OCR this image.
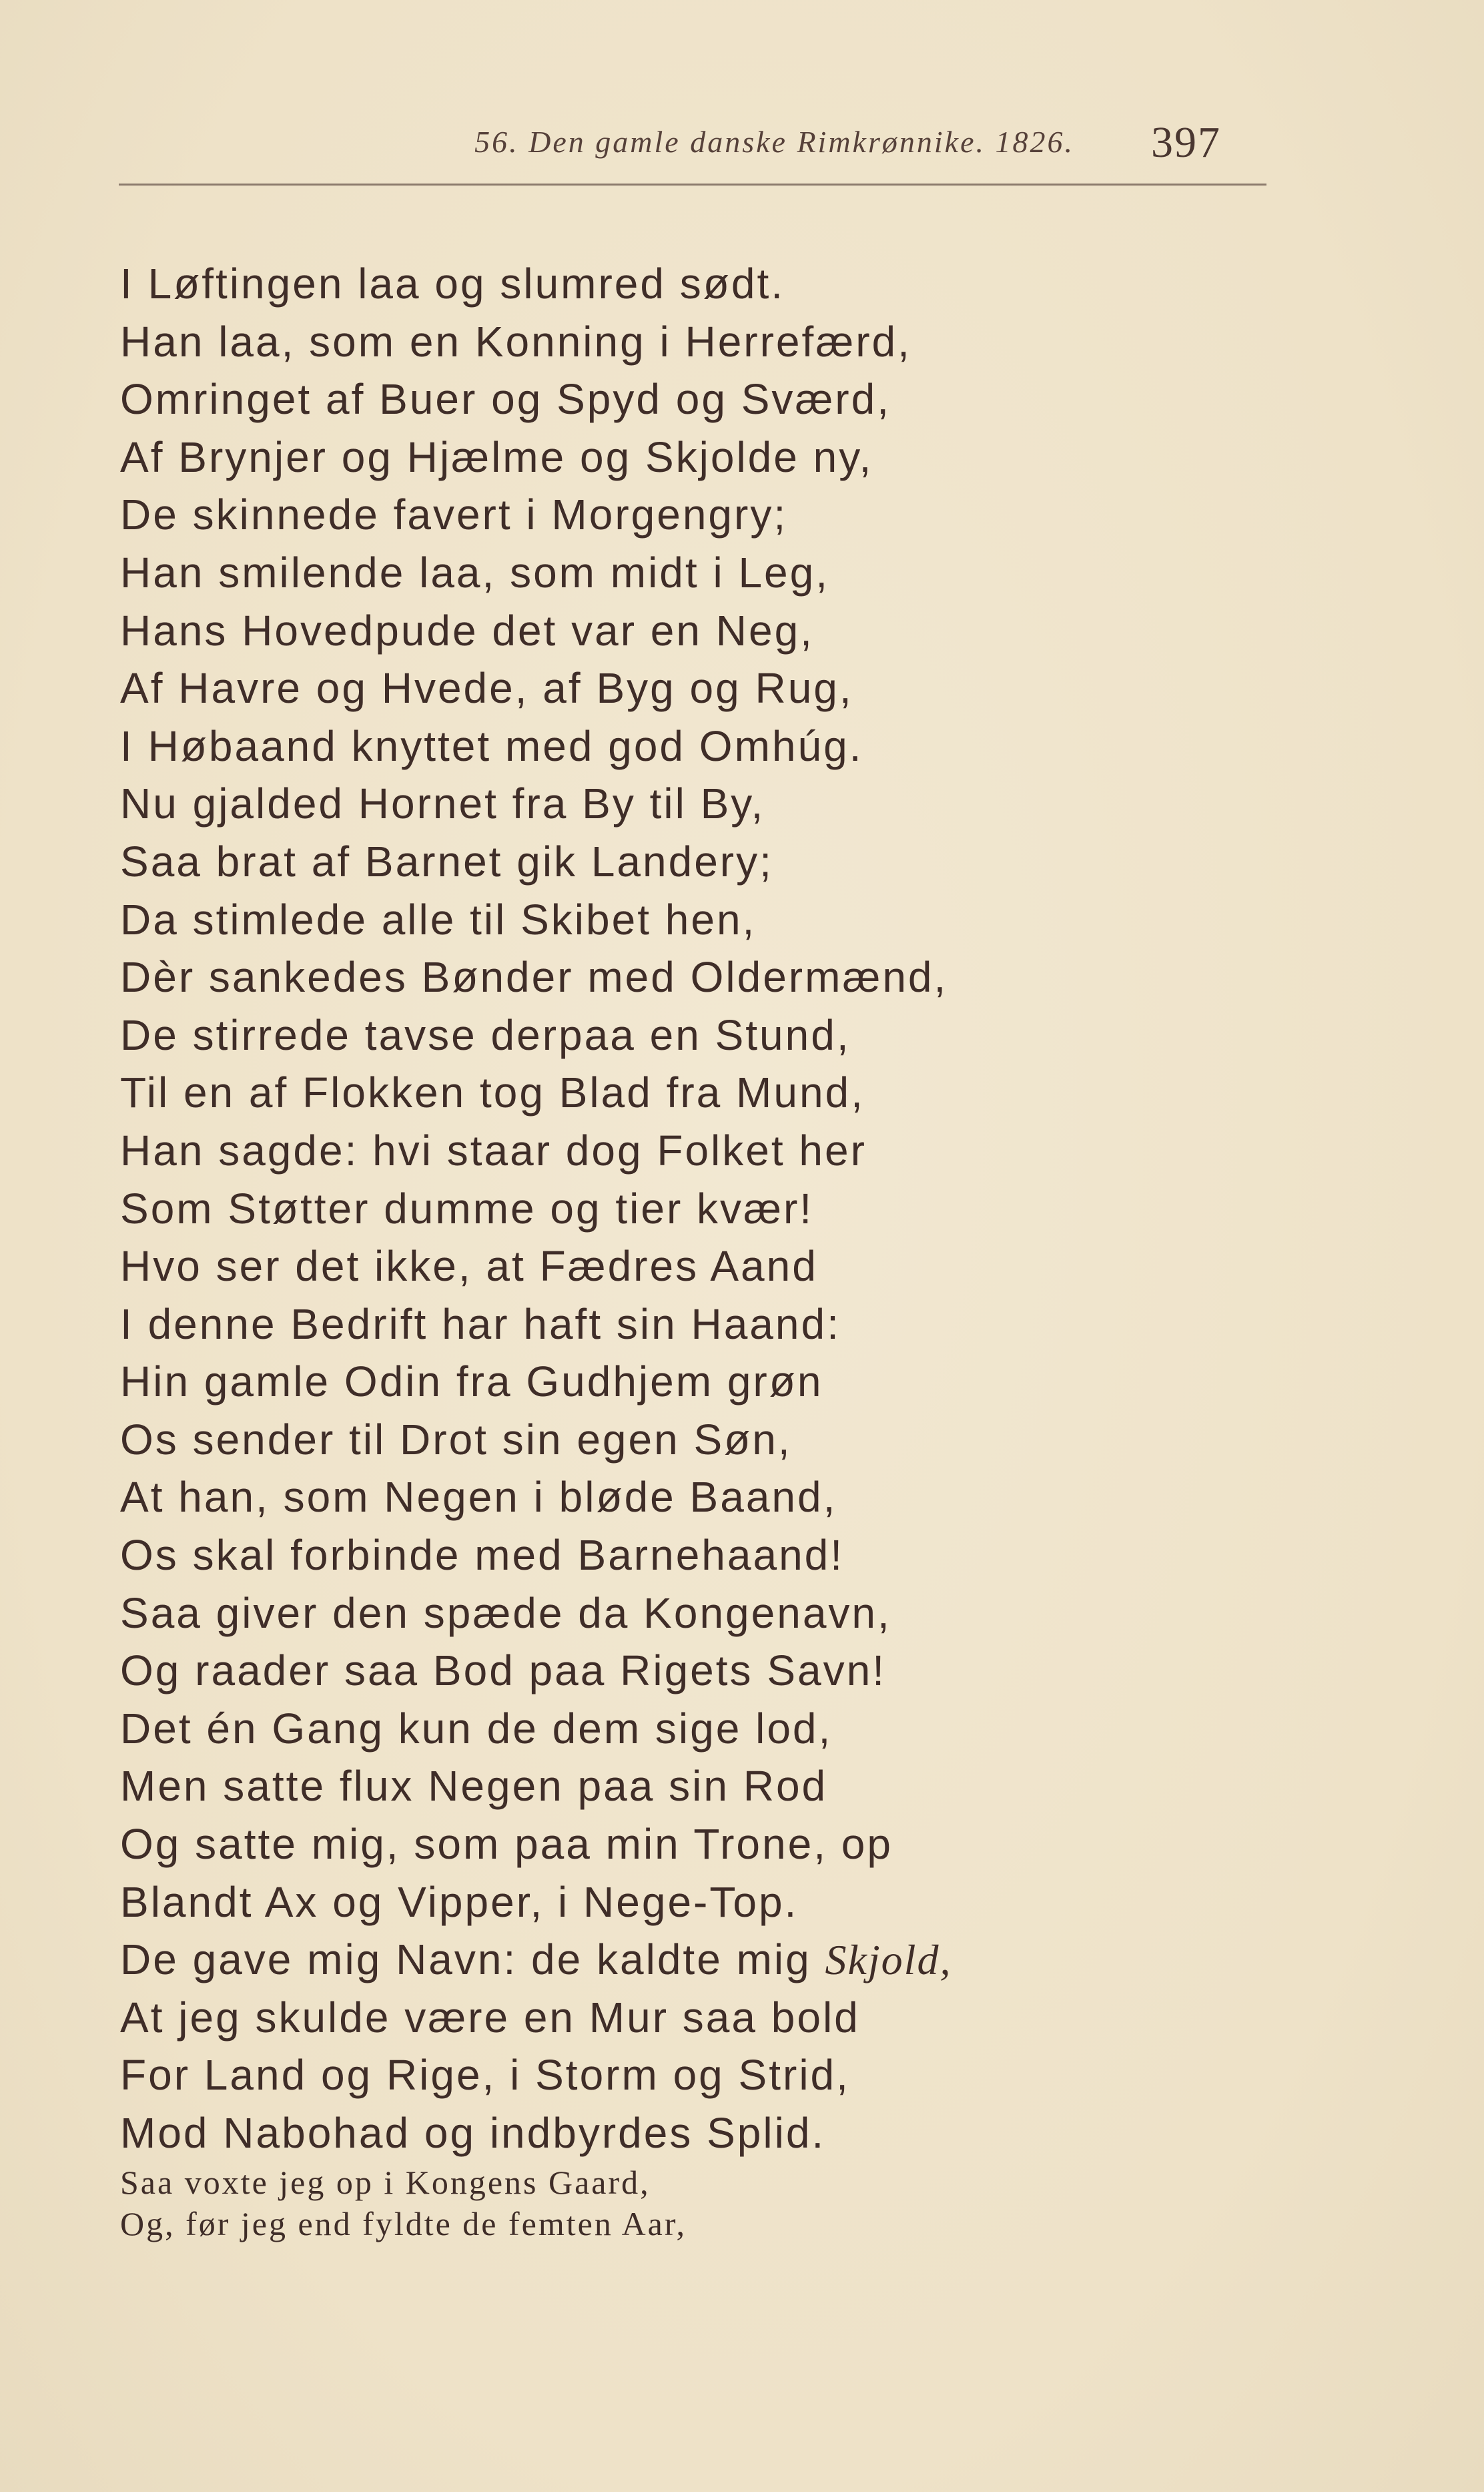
56. Den gamle danske Rimkrønnike. 1826. 397
I Løftingen laa og slumred sødt.
Han laa, som en Konning i Herrefærd,
Omringet af Buer og Spyd og Sværd,
Af Brynjer og Hjælme og Skjolde ny,
De skinnede favert i Morgengry;
Han smilende laa, som midt i Leg,
Hans Hovedpude det var en Neg,
Af Havre og Hvede, af Byg og Rug,
I Høbaand knyttet med god Omhúg.
Nu gjalded Hornet fra By til By,
Saa brat af Barnet gik Landery;
Da stimlede alle til Skibet hen,
Dèr sankedes Bønder med Oldermænd,
De stirrede tavse derpaa en Stund,
Til en af Flokken tog Blad fra Mund,
Han sagde: hvi staar dog Folket her
Som Støtter dumme og tier kvær!
Hvo ser det ikke, at Fædres Aand
I denne Bedrift har haft sin Haand:
Hin gamle Odin fra Gudhjem grøn
Os sender til Drot sin egen Søn,
At han, som Negen i bløde Baand,
Os skal forbinde med Barnehaand!
Saa giver den spæde da Kongenavn,
Og raader saa Bod paa Rigets Savn!
Det én Gang kun de dem sige lod,
Men satte flux Negen paa sin Rod
Og satte mig, som paa min Trone, op
Blandt Ax og Vipper, i Nege-Top.
De gave mig Navn: de kaldte mig Skjold,
At jeg skulde være en Mur saa bold
For Land og Rige, i Storm og Strid,
Mod Nabohad og indbyrdes Splid.
Saa voxte jeg op i Kongens Gaard,
Og, før jeg end fyldte de femten Aar,
